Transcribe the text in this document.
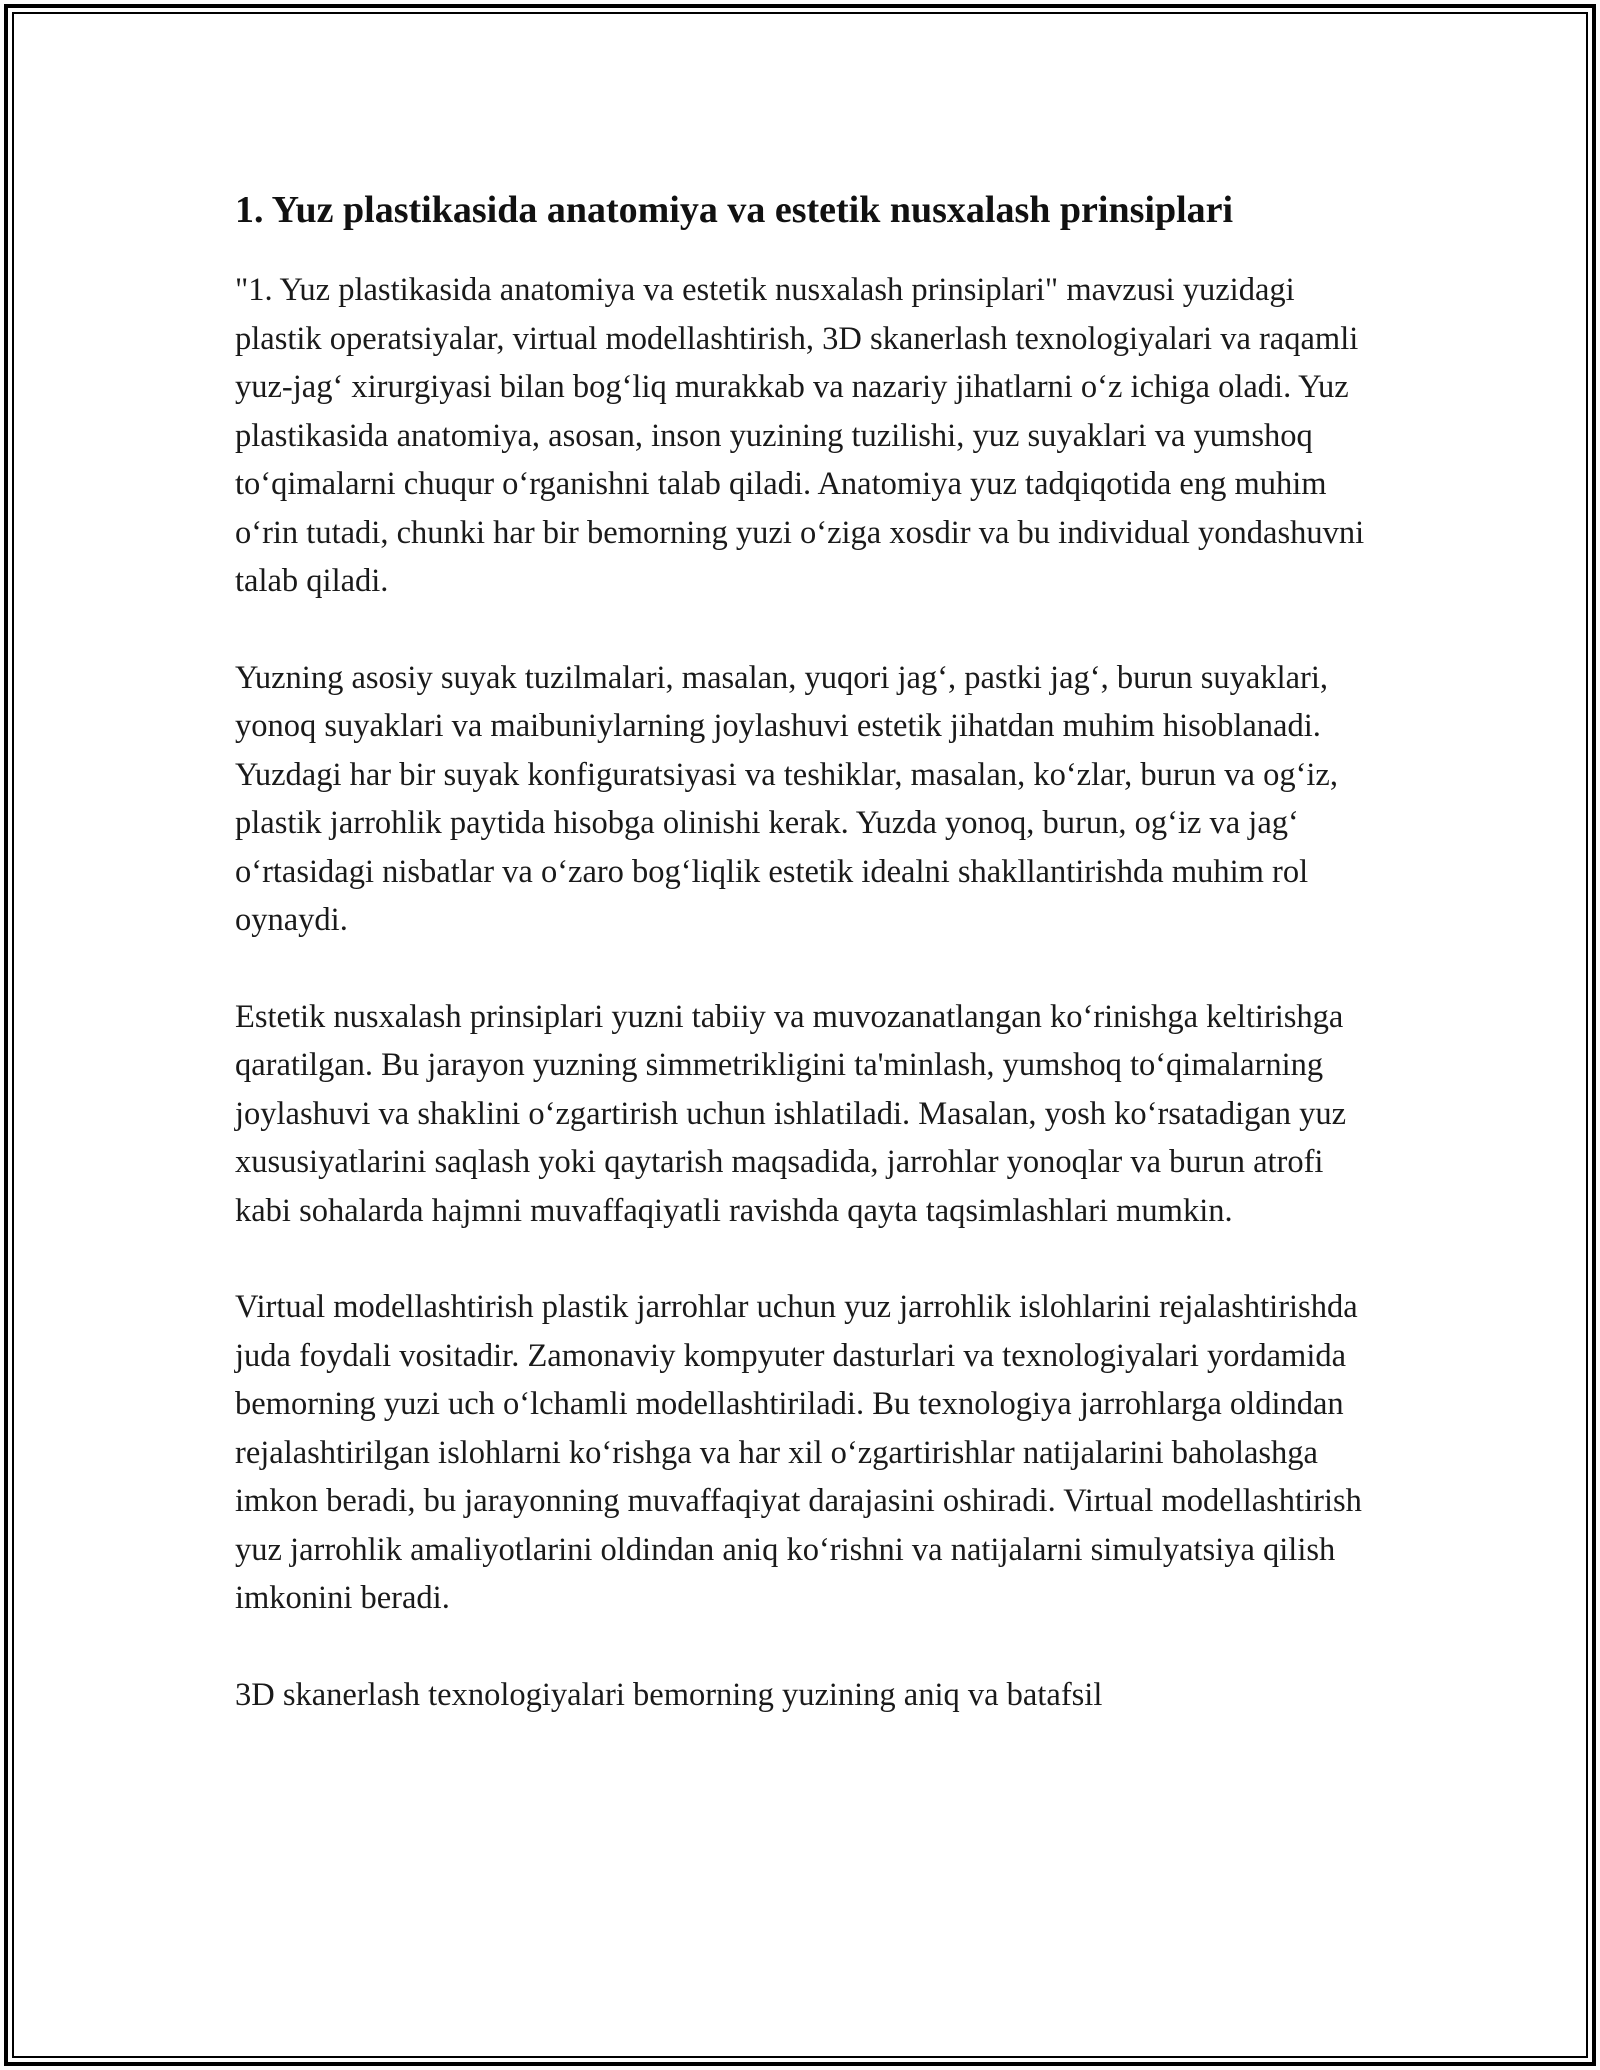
1. Yuz plastikasida anatomiya va estetik nusxalash prinsiplari

"1. Yuz plastikasida anatomiya va estetik nusxalash prinsiplari" mavzusi yuzidagi plastik operatsiyalar, virtual modellashtirish, 3D skanerlash texnologiyalari va raqamli yuz-jag‘ xirurgiyasi bilan bog‘liq murakkab va nazariy jihatlarni o‘z ichiga oladi. Yuz plastikasida anatomiya, asosan, inson yuzining tuzilishi, yuz suyaklari va yumshoq to‘qimalarni chuqur o‘rganishni talab qiladi. Anatomiya yuz tadqiqotida eng muhim o‘rin tutadi, chunki har bir bemorning yuzi o‘ziga xosdir va bu individual yondashuvni talab qiladi.

Yuzning asosiy suyak tuzilmalari, masalan, yuqori jag‘, pastki jag‘, burun suyaklari, yonoq suyaklari va maibuniylarning joylashuvi estetik jihatdan muhim hisoblanadi. Yuzdagi har bir suyak konfiguratsiyasi va teshiklar, masalan, ko‘zlar, burun va og‘iz, plastik jarrohlik paytida hisobga olinishi kerak. Yuzda yonoq, burun, og‘iz va jag‘ o‘rtasidagi nisbatlar va o‘zaro bog‘liqlik estetik idealni shakllantirishda muhim rol oynaydi.

Estetik nusxalash prinsiplari yuzni tabiiy va muvozanatlangan ko‘rinishga keltirishga qaratilgan. Bu jarayon yuzning simmetrikligini ta'minlash, yumshoq to‘qimalarning joylashuvi va shaklini o‘zgartirish uchun ishlatiladi. Masalan, yosh ko‘rsatadigan yuz xususiyatlarini saqlash yoki qaytarish maqsadida, jarrohlar yonoqlar va burun atrofi kabi sohalarda hajmni muvaffaqiyatli ravishda qayta taqsimlashlari mumkin.

Virtual modellashtirish plastik jarrohlar uchun yuz jarrohlik islohlarini rejalashtirishda juda foydali vositadir. Zamonaviy kompyuter dasturlari va texnologiyalari yordamida bemorning yuzi uch o‘lchamli modellashtiriladi. Bu texnologiya jarrohlarga oldindan rejalashtirilgan islohlarni ko‘rishga va har xil o‘zgartirishlar natijalarini baholashga imkon beradi, bu jarayonning muvaffaqiyat darajasini oshiradi. Virtual modellashtirish yuz jarrohlik amaliyotlarini oldindan aniq ko‘rishni va natijalarni simulyatsiya qilish imkonini beradi.

3D skanerlash texnologiyalari bemorning yuzining aniq va batafsil
